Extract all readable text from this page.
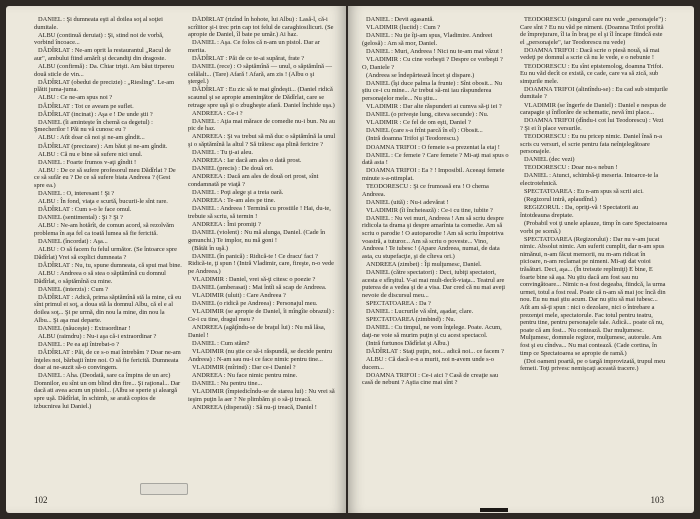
DANIEL : Şi dumneata eşti al doilea soţ al soţiei dumitale.

ALBU (continuă deruiat) : Şi, stind noi de vorbă, vorbind încoace...

DĂDÎRLAT : Ne-am oprit la restaurantul „Racul de aur", ambului fiind amărît şi decandiţi din dragoste.

ALBU (confirmă) : Da. Chiar trişti. Am băut tirpereu două sticle de vin...

DĂDÎRLAT (obedui de precizie) : „Riesling". Le-am plătit juma-juma.

ALBU : Ce ne-am spus noi ?

DĂDÎRLAT : Tot ce aveam pe suflet.

DĂDÎRLAT (incinat) : Aşa e ! De unde ştii ?

DANIEL (îi aminteşte în chemă ca degetul) : Şmecherilor ! Păi nu vă cunosc eu ?

ALBU : Atît doar că noi şi ne-am gîndit...

DĂDÎRLAT (precizare) : Am băut şi ne-am gîndit.

ALBU : Că nu e bine să sufere nici unul.

DANIEL : Foarte frumos v-aţi gîndit !

ALBU : De ce să sufere profesorul meu Dădîrlat ? De ce să sufăr eu ? De ce să sufere biata Andreea ? (Gest spre ea.)

DANIEL : O, interesant ! Şi ?

ALBU : În fond, viaţa e scurtă, bucurii-le sînt rare.

DĂDÎRLAT : Cum s-o le face omul.

DANIEL (sentimental) : Şi ? Şi ?

ALBU : Ne-am hotărît, de comun acord, să rezolvăm problema în aşa fel ca toată lumea să fie fericită.

DANIEL (încordat) : Aşa...

ALBU : O să facem fu felul următor. (Se întoarce spre Dădîrlat) Vrei să explici dumneata ?

DĂDÎRLAT : Nu, tu, spune dumneata, că spui mai bine.

ALBU : Andreea o să stea o săptămînă cu domnul Dădîrlat, o săptămînă cu mine.

DANIEL (interzis) : Cum ?

DĂDÎRLAT : Adică, prima săptămînă stă la mine, că eu sînt primul ei soţ, a doua stă la domnul Albu, că el e al doilea soţ... Şi pe urmă, din nou la mine, din nou la Albu... Şi aşa mai departe.

DANIEL (năuceşte) : Extraordinar !

ALBU (raimdru) : Nu-i aşa că-i extraordinar ?

DANIEL : Pe ea aţi întrebat-o ?

DĂDÎRLAT : Păi, de ce s-o mai întrebăm ? Doar ne-am înţeles noi, bărbaţii între noi. O să fie fericită. Dumneata doar ai ne-auzit să-o convingem.

DANIEL : Aha. (Deodată, sare ca împins de un arc) Domnilor, eu sînt un om blind din fire... Şi raţional... Dar dacă ati avea acum un pistol... (Albu se sperie şi aleargă spre uşă. Dădîrlat, în schimb, se arată copios de izbucnirea lui Daniel.)

DĂDÎRLAT (rizînd în hohote, lui Albu) : Lasă-l, că-i scrîiitor şi-i trec prin cap tot felul de caraghiosilicuri. (Se apropie de Daniel, îl bate pe umăr.) Ai haz.

DANIEL : Aşa. Ce folos că n-am un pistol. Dar ar merita.

DĂDÎRLAT : Păi de ce te-ai supărat, frate ?

DANIEL (rece) : O săptămînă — unul, o săptămînă — celălalt... (Tare) Afară ! Afară, am zis ! (Albu o şi ştergel.)

DĂDÎRLAT : Eu zic să te mai gîndeşti... (Daniel ridică scaunul şi se apropie ameninţător de Dădîrlat, care se retrage spre uşă şi o zbugheşte afară. Daniel închide uşa.)

ANDREEA : Ce-i ?

DANIEL : Aţia mai mărace de comedie nu-i bun. Nu au pic de haz.

ANDREEA : Şi va trebui să mă duc o săptămînă la unul şi o săptămînă la altul ? Să trăiesc aşa plină fericire ?

DANIEL : Tu ţi-ai aleu.

ANDREEA : Iar dacă am ales o dată prost.

DANIEL (precis) : De două ori.

ANDREEA : Dacă am ales de două ori prost, sînt condamnată pe viaţă ?

DANIEL : Poţi alege şi a treia oară.

ANDREEA : Te-am ales pe tine.

DANIEL : Andreea ! Termină cu prostiile ! Hai, du-te, trebuie să scriu, să termin !

ANDREEA : Îmi promiţi ?

DANIEL (violent) : Nu mă alunga, Daniel. (Cade în genunchi.) Te implor, nu mă goni !

(Bătăi în uşă.)

DANIEL (în panică) : Ridică-te ! Ce dracu' faci ? Ridică-te, ţi spun ! (Intră Vladimir, care, fireşte, n-o vede pe Andreea.)

VLADIMIR : Daniel, vrei să-ţi citesc o poezie ?

DANIEL (amberasat) : Mai întîi să scap de Andreea.

VLADIMIR (uluit) : Care Andreea ?

DANIEL (o ridică pe Andreea) : Personajul meu.

VLADIMIR (se apropie de Daniel, îi mîngîie obrazul) : Ce-i cu tine, dragul meu ?

ANDREEA (agăţîndu-se de braţul lui) : Nu mă lăsa, Daniel !

DANIEL : Cum stăm?

VLADIMIR (nu ştie ce să-i răspundă, se decide pentru Andreea) : N-am sau nu-i ce face nimic pentru tine...

VLADIMIR (mîrind) : Dar ce-i Daniel ?

ANDREEA : Nu face nimic pentru mine.

DANIEL : Nu pentru tine...

VLADIMIR (împiedicîndu-se de starea lui) : Nu vrei să ieşim puţin la aer ? Ne plimbăm şi o să-ţi treacă.

ANDREEA (disperată) : Să nu-ţi treacă, Daniel !

102

DANIEL : Devii agasantă.

VLADIMIR (luciid) : Cum ?

DANIEL : Nu ţie îţi-am spus, Vladimire. Andreei (gelosă) : Am să mor, Daniel.

DANIEL : Muri, Andreea ! Nici nu te-am mai văzut !

VLADIMIR : Cu cine vorbeşti ? Despre ce vorbeşti ? O, Daniele ?

(Andreea se îndepărtează încet şi dispare.)

DANIEL (îşi duce palma la frunte) : Sînt obosit... Nu ştiu ce-i cu mine... Ar trebui să-mi iau răspunderea personajelor mele... Nu ştiu...

VLADIMIR : Dar alte răspunderi ai cumva să-ţi iei ?

DANIEL (o priveşte lung, citeva secunde) : Nu.

VLADIMIR : Ce fel de om eşti, Daniel ?

DANIEL (care s-a frînt parcă în el) : Obosit...

(Intră doamna Trifoi şi Teodorescu.)

DOAMNA TRIFOI : O femeie s-a prezentat la etaj !

DANIEL : Ce femeie ? Care femeie ? Mi-aţi mai spus o dată asta !

DOAMNA TRIFOI : Ea ? ! Imposibil. Aceeaşi femeie minute s-a-ntimplat.

TEODORESCU : Şi ce frumoasă era ! O chema Andreea.

DANIEL (uită) : Nu-i adevărat !

VLADIMIR (îi încheiează) : Ce-i cu tine, iubite ?

DANIEL : Nu vei muri, Andreea ! Am să scriu despre ridicola ta drama şi despre amarînta ta comedie. Am să scriu o parodie ! O autoparodie ! Am să scriu împotriva voastră, a tuturor... Am să scriu o poveste... Vino, Andreea ! Te iubesc ! (Apare Andreea, numai, de data asta, cu stupefacţie, şi de cîteva ori.)

ANDREEA (zimbet) : Îţi mulţumesc, Daniel.

DANIEL (către spectatori) : Deci, iubiţi spectatori, acesta e sfîrşitul. V-ai mai mult-decît-viaţa... Teatrul are puterea de a vedea şi de a visa. Dar cred că nu mai aveţi nevoie de discursul meu...

SPECTATOAREA : Da ?

DANIEL : Lucrurile vă sînt, aşadar, clare.

SPECTATOAREA (zimbind) : Nu.

DANIEL : Cu timpul, ne vom înţelege. Poate. Acum, daţi-ne voie să murim puţin şi cu acest spectacol.

(Intră furtunos Dădîrlat şi Albu.)

DĂDÎRLAT : Staţi puţin, noi... adică noi... ce facem ?

ALBU : Că dacă e-n a murit, noi n-avem unde s-o ducem...

DOAMNA TRIFOI : Ce-i aici ? Casă de creaţie sau casă de nebuni ? Aştia cine mai sînt ?

TEODORESCU (singurul care nu vede „personajele") : Care sînt ? Eu nu văd pe nimeni. (Doamna Trifoi profită de împrejurare, îl ia în braţ pe el şi îl încape fiindcă este el „personajele", iar Teodorescu nu vede)

DOAMNA TRIFOI : Dacă scrie o piesă nouă, să mai vedeţi pe domnul a scrie că nu le vede, e o nebunie !

TEODORESCU : Eu sînt epistemolog, doamna Trifoi. Eu nu văd decît ce există, ce cade, care va să zică, sub simţurile mele.

DOAMNA TRIFOI (alintîndu-se) : Eu cad sub simţurile dumitale ?

VLADIMIR (se îngerfe de Daniel) : Daniel e nespus de carapagie şi înflorăre de schematic, nevă îmi place...

DOAMNA TRIFOI (dîndu-i cot lui Teodorescu) : Vezi ? Şi ei îi place versurile.

TEODORESCU : Eu nu pricep nimic. Daniel însă n-a scris cu versuri, el scrie pentru fata neînţelegătoare personajele.

DANIEL (dec vezi)

TEODORESCU : Doar nu-s nebun !

DANIEL : Atunci, schimbă-ţi meseria. Intoarce-te la electrotehnică.

SPECTATOAREA : Eu n-am spus să scrii aici.

(Regizorul intră, aplaudînd.)

REGIZORUL : Da, opriţi-vă ! Spectatorii au întotdeauna dreptate.

(Probabil voi ţi unele aplauze, timp în care Spectatoarea vorbi pe scenă.)

SPECTATOAREA (Regizorului) : Dar nu v-am jucat nimic. Absolut nimic. Am suferit cumplit, dar n-am spus nimănui, n-am făcut memorii, nu m-am ridicat în picioare, n-am reclamat pe nimeni. Mi-aţi dat voioi trăsături. Deci, aşa... (În treisute replimiţi) E bine, E foarte bine să aşa. Nu ştiu dacă am fost sau nu convingătoare... Nimic n-a fost degeaba, fiindcă, la urma urmei, totul a fost real. Poate că n-am să mai joc încă din nou. Eu nu mai ştiu acum. Dar nu ştiu să mai iubesc... Atît am să-ţi spun : nici o dezolare, nici o întrebare a prezenţei mele, spectatorule. Fac totul pentru teatru, pentru tine, pentru personajele tale. Adică... poate că nu, poate că am fost... Nu contează. Dar mulţumesc. Mulţumesc, domnule regizor, mulţumesc, autorule. Am fost şi eu cîndva... Nu mai contează. (Cade cortina, în timp ce Spectatoarea se apropie de ramă.)

(Doi oameni poartă, pe o targă improvizată, trupul meu femeii. Toţi privesc nemişcaţi această tracere.)

103
